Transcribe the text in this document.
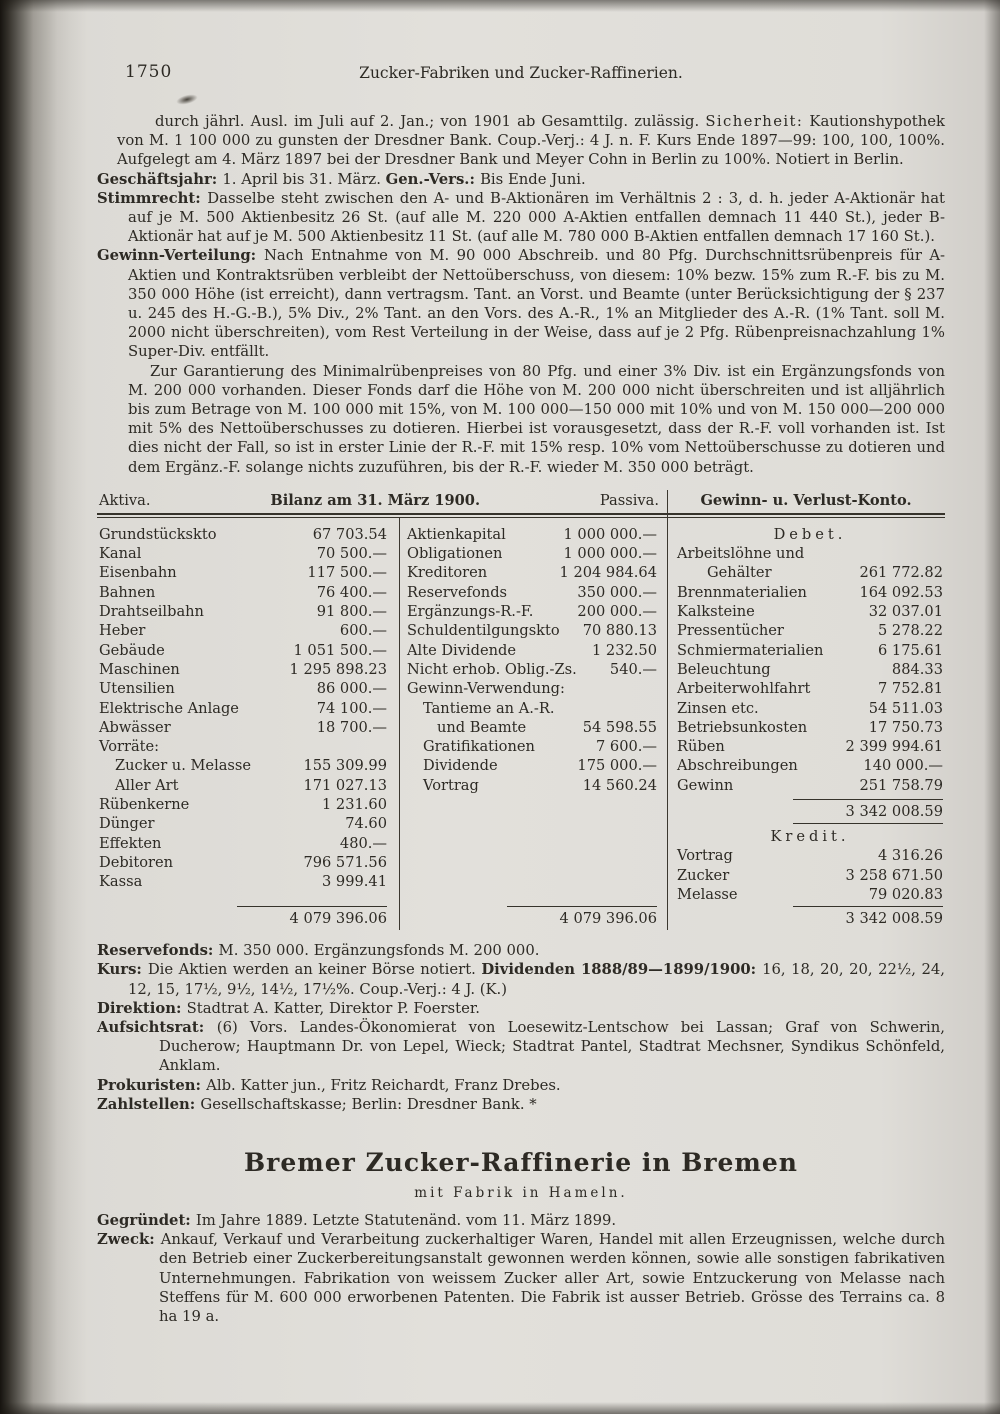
1750	Zucker-Fabriken und Zucker-Raffinerien.

durch jährl. Ausl. im Juli auf 2. Jan.; von 1901 ab Gesamttilg. zulässig. Sicherheit: Kautionshypothek von M. 1 100 000 zu gunsten der Dresdner Bank. Coup.-Verj.: 4 J. n. F. Kurs Ende 1897—99: 100, 100, 100%. Aufgelegt am 4. März 1897 bei der Dresdner Bank und Meyer Cohn in Berlin zu 100%. Notiert in Berlin.

Geschäftsjahr: 1. April bis 31. März. Gen.-Vers.: Bis Ende Juni.

Stimmrecht: Dasselbe steht zwischen den A- und B-Aktionären im Verhältnis 2 : 3, d. h. jeder A-Aktionär hat auf je M. 500 Aktienbesitz 26 St. (auf alle M. 220 000 A-Aktien entfallen demnach 11 440 St.), jeder B-Aktionär hat auf je M. 500 Aktienbesitz 11 St. (auf alle M. 780 000 B-Aktien entfallen demnach 17 160 St.).

Gewinn-Verteilung: Nach Entnahme von M. 90 000 Abschreib. und 80 Pfg. Durchschnittsrübenpreis für A-Aktien und Kontraktsrüben verbleibt der Nettoüberschuss, von diesem: 10% bezw. 15% zum R.-F. bis zu M. 350 000 Höhe (ist erreicht), dann vertragsm. Tant. an Vorst. und Beamte (unter Berücksichtigung der § 237 u. 245 des H.-G.-B.), 5% Div., 2% Tant. an den Vors. des A.-R., 1% an Mitglieder des A.-R. (1% Tant. soll M. 2000 nicht überschreiten), vom Rest Verteilung in der Weise, dass auf je 2 Pfg. Rübenpreisnachzahlung 1% Super-Div. entfällt.

Zur Garantierung des Minimalrübenpreises von 80 Pfg. und einer 3% Div. ist ein Ergänzungsfonds von M. 200 000 vorhanden. Dieser Fonds darf die Höhe von M. 200 000 nicht überschreiten und ist alljährlich bis zum Betrage von M. 100 000 mit 15%, von M. 100 000—150 000 mit 10% und von M. 150 000—200 000 mit 5% des Nettoüberschusses zu dotieren. Hierbei ist vorausgesetzt, dass der R.-F. voll vorhanden ist. Ist dies nicht der Fall, so ist in erster Linie der R.-F. mit 15% resp. 10% vom Nettoüberschusse zu dotieren und dem Ergänz.-F. solange nichts zuzuführen, bis der R.-F. wieder M. 350 000 beträgt.

Aktiva.	Bilanz am 31. März 1900.	Passiva.	Gewinn- u. Verlust-Konto.
Grundstückskto	67 703.54
Kanal	70 500.—
Eisenbahn	117 500.—
Bahnen	76 400.—
Drahtseilbahn	91 800.—
Heber	600.—
Gebäude	1 051 500.—
Maschinen	1 295 898.23
Utensilien	86 000.—
Elektrische Anlage	74 100.—
Abwässer	18 700.—
Vorräte:
Zucker u. Melasse	155 309.99
Aller Art	171 027.13
Rübenkerne	1 231.60
Dünger	74.60
Effekten	480.—
Debitoren	796 571.56
Kassa	3 999.41
4 079 396.06
Aktienkapital	1 000 000.—
Obligationen	1 000 000.—
Kreditoren	1 204 984.64
Reservefonds	350 000.—
Ergänzungs-R.-F.	200 000.—
Schuldentilgungskto 70 880.13
Alte Dividende	1 232.50
Nicht erhob. Oblig.-Zs. 540.—
Gewinn-Verwendung:
Tantieme an A.-R.
und Beamte	54 598.55
Gratifikationen	7 600.—
Dividende	175 000.—
Vortrag	14 560.24
4 079 396.06
Debet.
Arbeitslöhne und
Gehälter	261 772.82
Brennmaterialien	164 092.53
Kalksteine	32 037.01
Pressentücher	5 278.22
Schmiermaterialien	6 175.61
Beleuchtung	884.33
Arbeiterwohlfahrt	7 752.81
Zinsen etc.	54 511.03
Betriebsunkosten	17 750.73
Rüben	2 399 994.61
Abschreibungen	140 000.—
Gewinn	251 758.79
3 342 008.59
Kredit.
Vortrag	4 316.26
Zucker	3 258 671.50
Melasse	79 020.83
3 342 008.59

Reservefonds: M. 350 000. Ergänzungsfonds M. 200 000.

Kurs: Die Aktien werden an keiner Börse notiert. Dividenden 1888/89—1899/1900: 16, 18, 20, 20, 22½, 24, 12, 15, 17½, 9½, 14½, 17½%. Coup.-Verj.: 4 J. (K.)

Direktion: Stadtrat A. Katter, Direktor P. Foerster.

Aufsichtsrat: (6) Vors. Landes-Ökonomierat von Loesewitz-Lentschow bei Lassan; Graf von Schwerin, Ducherow; Hauptmann Dr. von Lepel, Wieck; Stadtrat Pantel, Stadtrat Mechsner, Syndikus Schönfeld, Anklam.

Prokuristen: Alb. Katter jun., Fritz Reichardt, Franz Drebes.

Zahlstellen: Gesellschaftskasse; Berlin: Dresdner Bank. *

Bremer Zucker-Raffinerie in Bremen
mit Fabrik in Hameln.

Gegründet: Im Jahre 1889. Letzte Statutenänd. vom 11. März 1899.

Zweck: Ankauf, Verkauf und Verarbeitung zuckerhaltiger Waren, Handel mit allen Erzeugnissen, welche durch den Betrieb einer Zuckerbereitungsanstalt gewonnen werden können, sowie alle sonstigen fabrikativen Unternehmungen. Fabrikation von weissem Zucker aller Art, sowie Entzuckerung von Melasse nach Steffens für M. 600 000 erworbenen Patenten. Die Fabrik ist ausser Betrieb. Grösse des Terrains ca. 8 ha 19 a.
